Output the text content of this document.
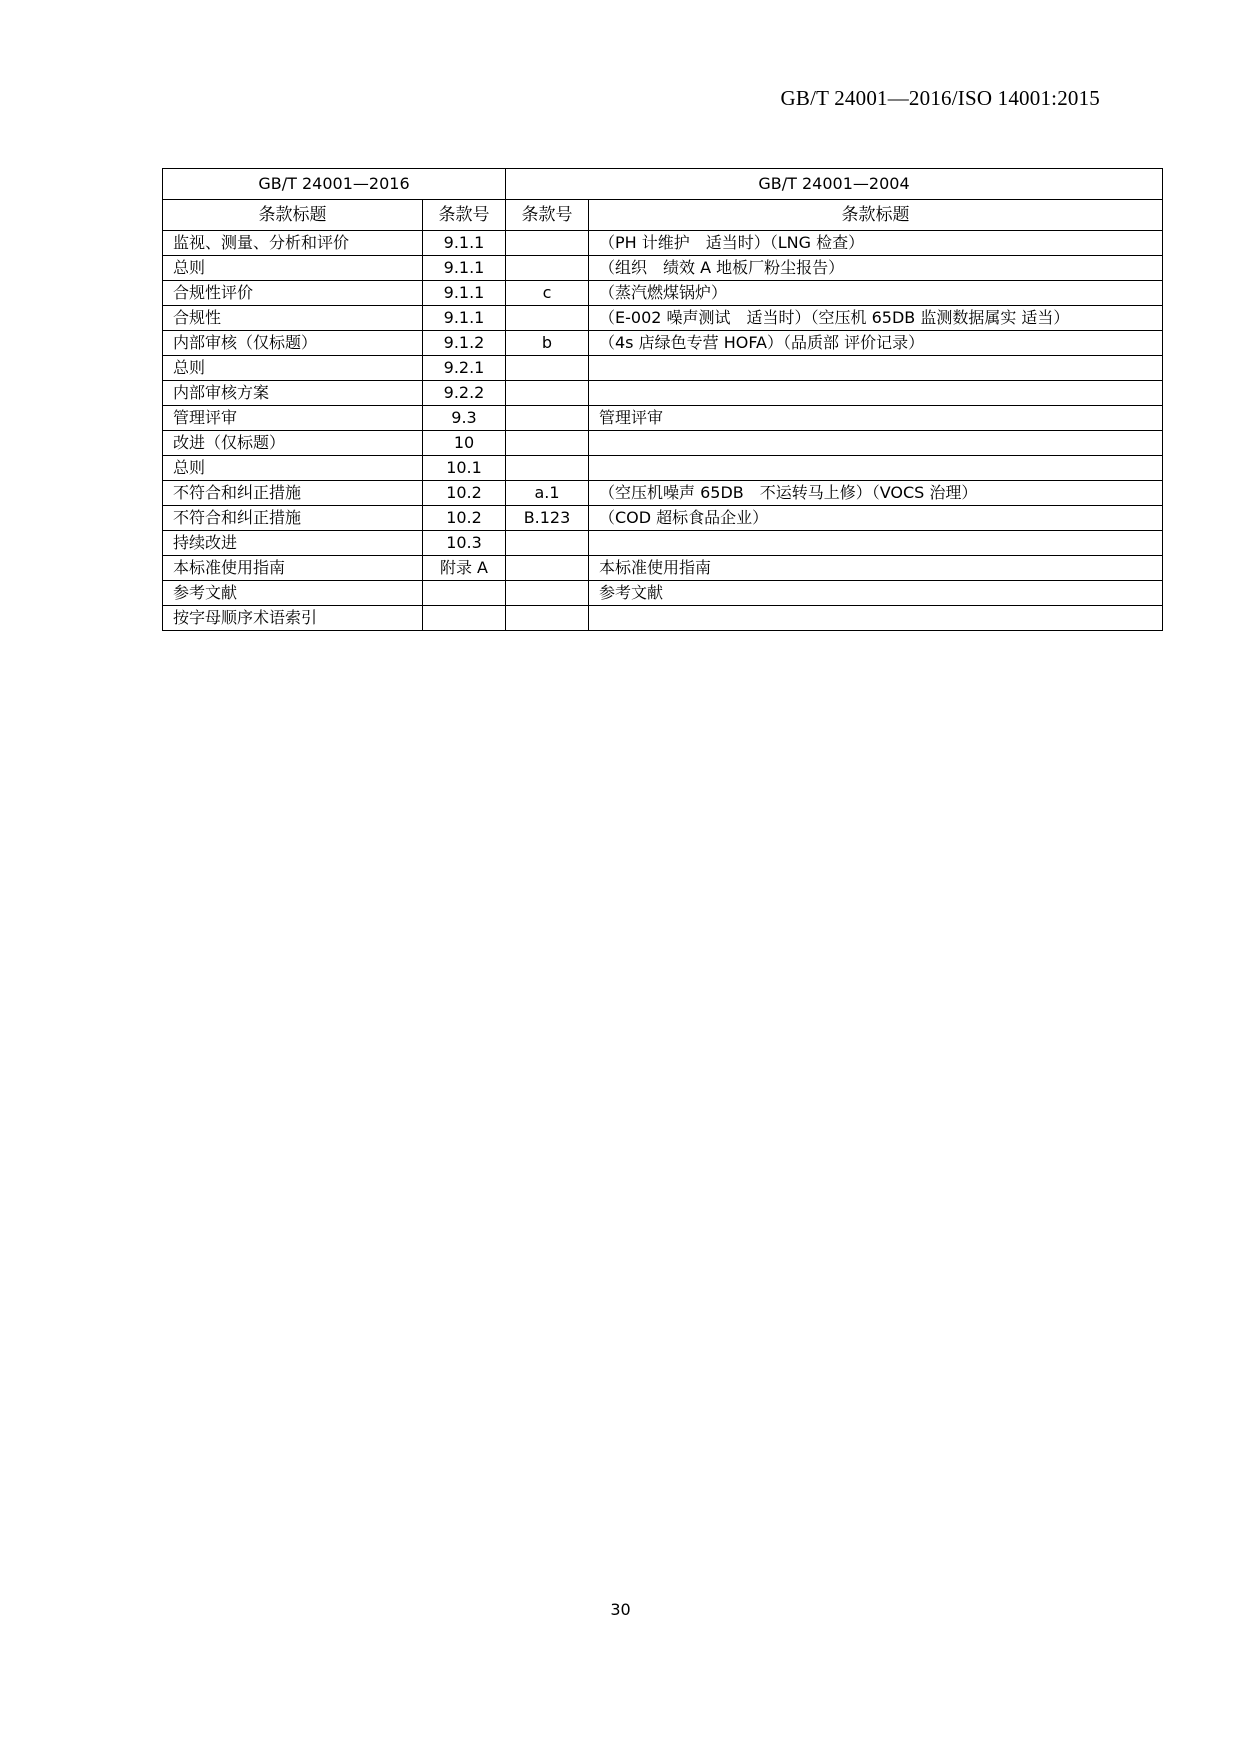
GB/T 24001—2016/ISO 14001:2015
GB/T 24001—2016		GB/T 24001—2004	
条款标题	条款号	条款号	条款标题
监视、测量、分析和评价	9.1.1		（PH 计维护　适当时）（LNG 检查）
总则	9.1.1		（组织　绩效 A 地板厂粉尘报告）
合规性评价	9.1.1	c	（蒸汽燃煤锅炉）
合规性	9.1.1		（E-002 噪声测试　适当时）（空压机 65DB 监测数据属实 适当）
内部审核（仅标题）	9.1.2	b	（4s 店绿色专营 HOFA）（品质部 评价记录）
总则	9.2.1		
内部审核方案	9.2.2		
管理评审	9.3		管理评审
改进（仅标题）	10		
总则	10.1		
不符合和纠正措施	10.2	a.1	（空压机噪声 65DB　不运转马上修）（VOCS 治理）
不符合和纠正措施	10.2	B.123	（COD 超标食品企业）
持续改进	10.3		
本标准使用指南	附录 A		本标准使用指南
参考文献			参考文献
按字母顺序术语索引			
30
